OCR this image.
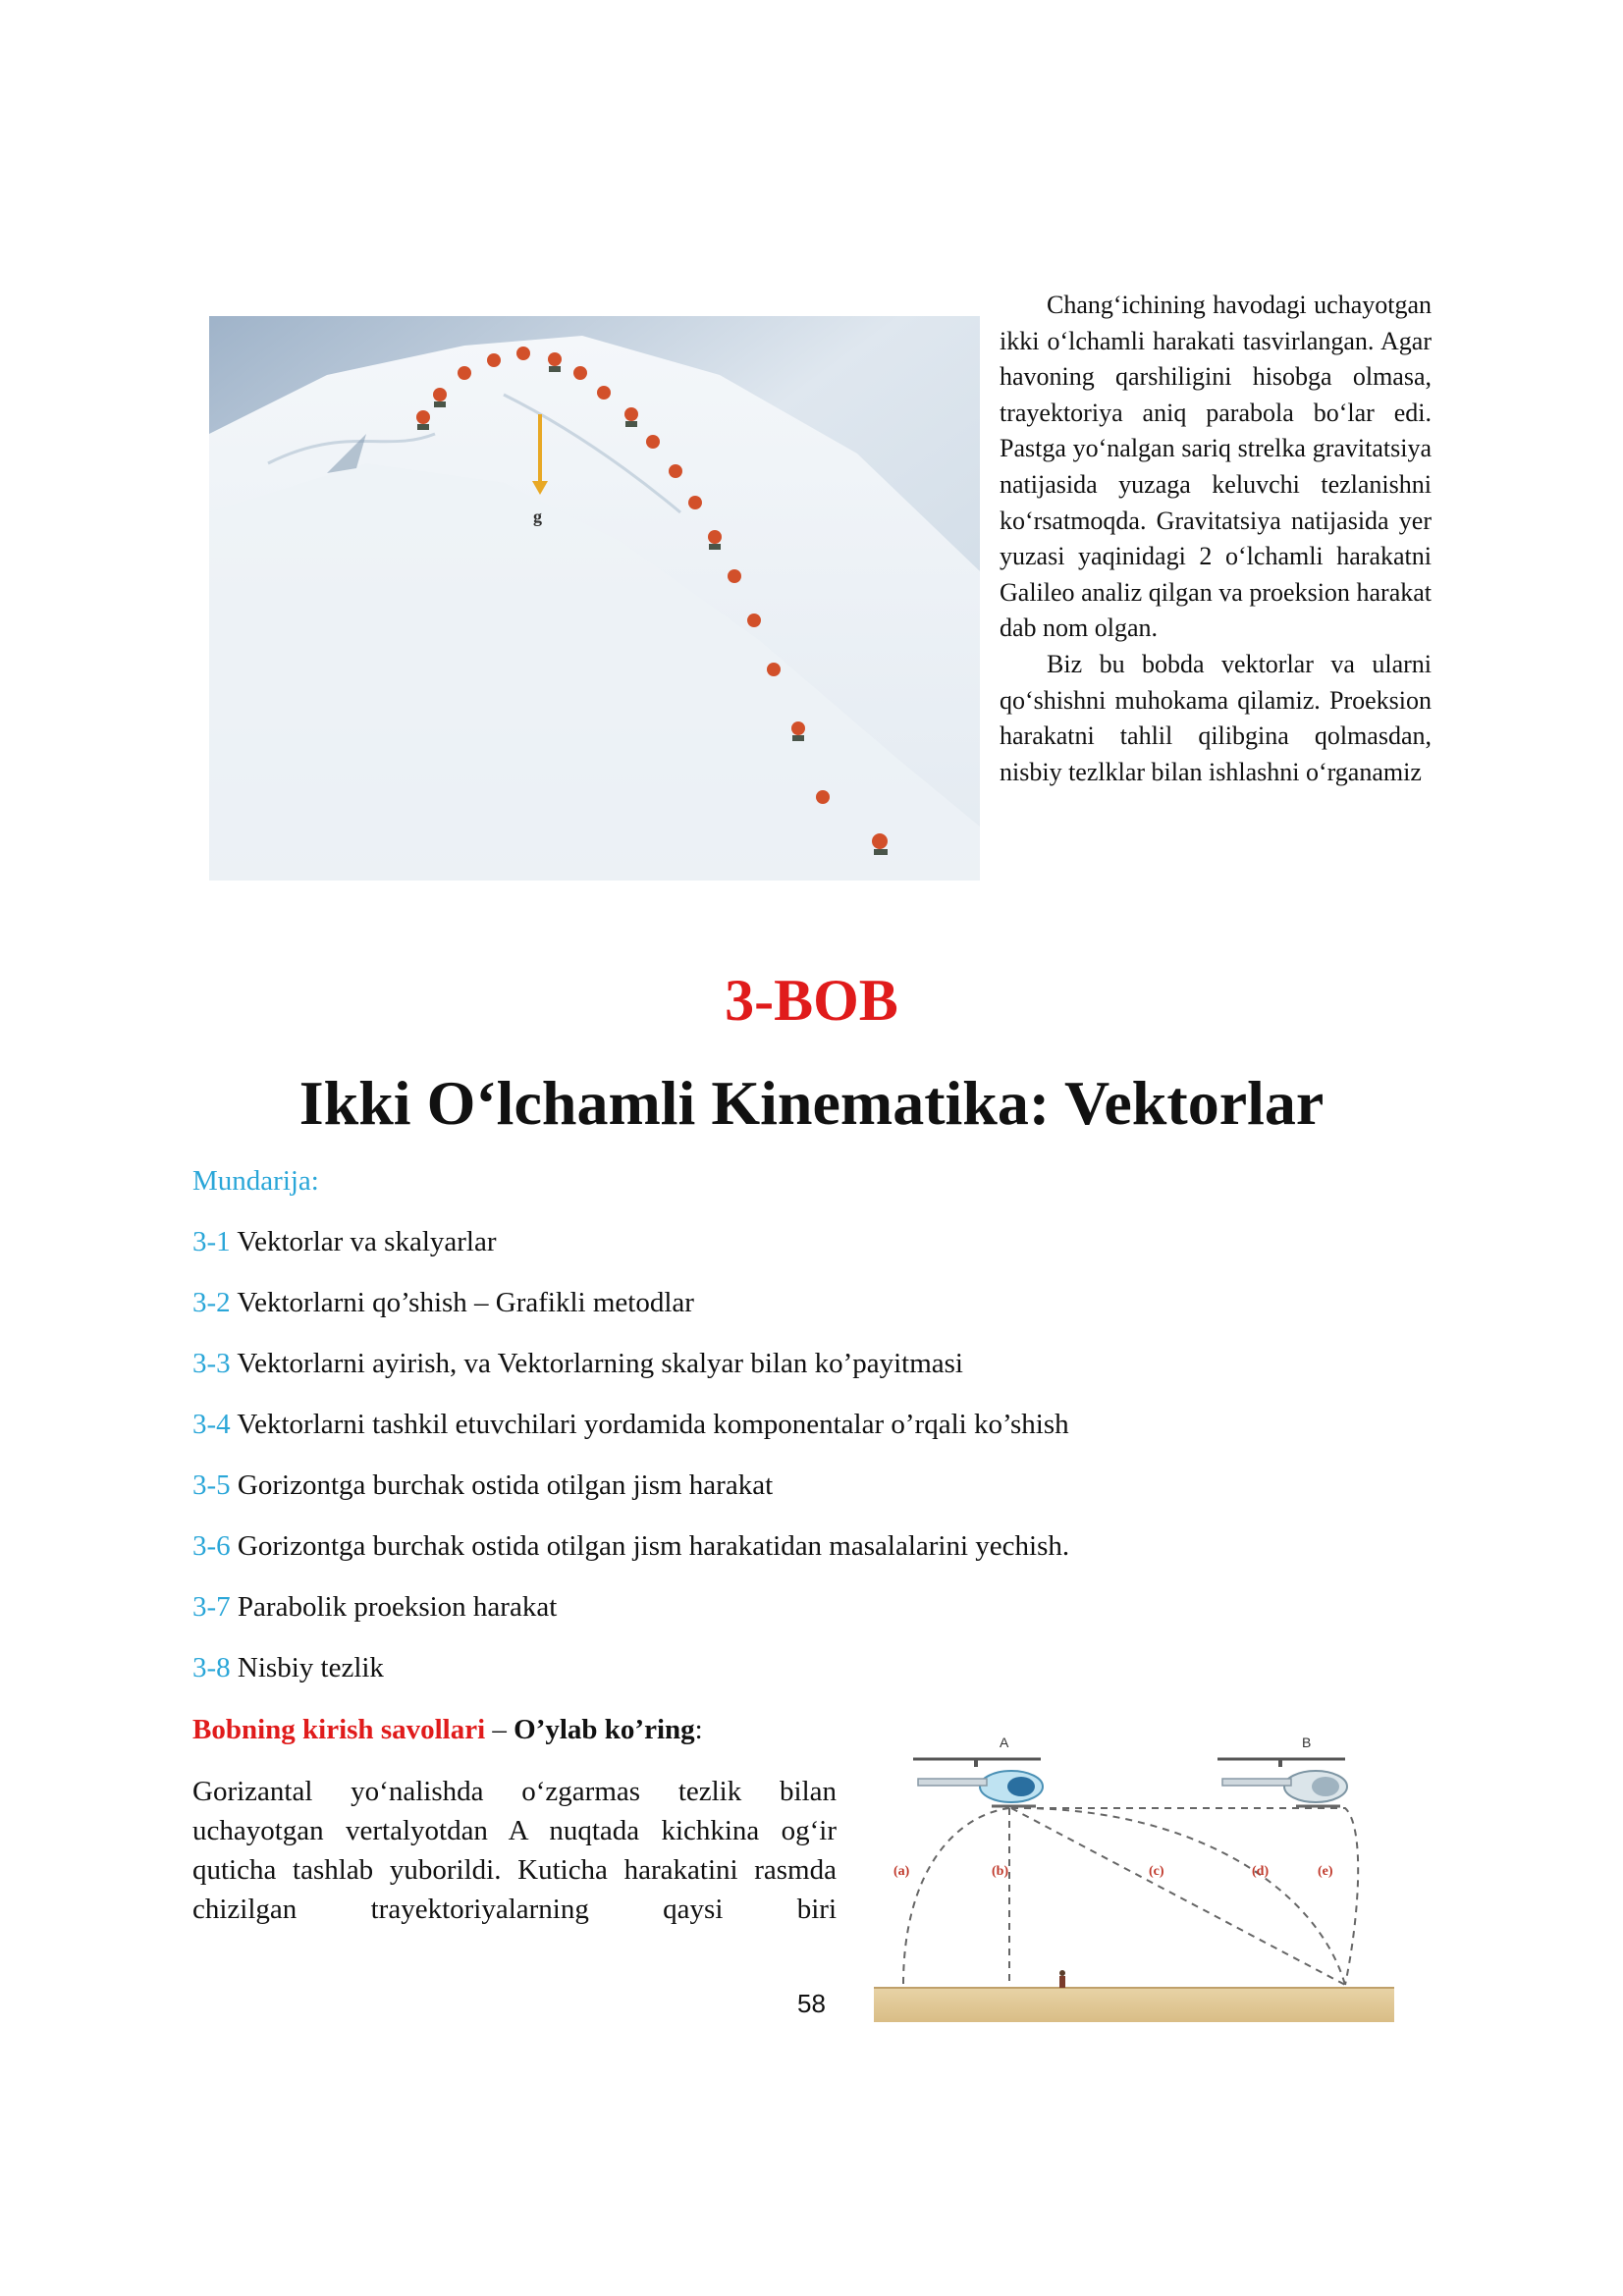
g

Chang‘ichining havodagi uchayotgan ikki o‘lchamli harakati tasvirlangan. Agar havoning qarshiligini hisobga olmasa, trayektoriya aniq parabola bo‘lar edi. Pastga yo‘nalgan sariq strelka gravitatsiya natijasida yuzaga keluvchi tezlanishni ko‘rsatmoqda. Gravitatsiya natijasida yer yuzasi yaqinidagi 2 o‘lchamli harakatni Galileo analiz qilgan va proeksion harakat dab nom olgan.

Biz bu bobda vektorlar va ularni qo‘shishni muhokama qilamiz. Proeksion harakatni tahlil qilibgina qolmasdan, nisbiy tezlklar bilan ishlashni o‘rganamiz

3-BOB
Ikki O‘lchamli Kinematika: Vektorlar
Mundarija:
3-1 Vektorlar va skalyarlar
3-2 Vektorlarni qo’shish – Grafikli metodlar
3-3 Vektorlarni ayirish, va Vektorlarning skalyar bilan ko’payitmasi
3-4 Vektorlarni tashkil etuvchilari yordamida komponentalar o’rqali ko’shish
3-5 Gorizontga burchak ostida otilgan jism harakat
3-6 Gorizontga burchak ostida otilgan jism harakatidan masalalarini yechish.
3-7 Parabolik proeksion harakat
3-8 Nisbiy tezlik
Bobning kirish savollari – O’ylab ko’ring:
Gorizantal yo‘nalishda o‘zgarmas tezlik bilan uchayotgan vertalyotdan A nuqtada kichkina og‘ir quticha tashlab yuborildi. Kuticha harakatini rasmda chizilgan trayektoriyalarning qaysi biri
A	B
(a)	(b)	(c)	(d)	(e)
58
